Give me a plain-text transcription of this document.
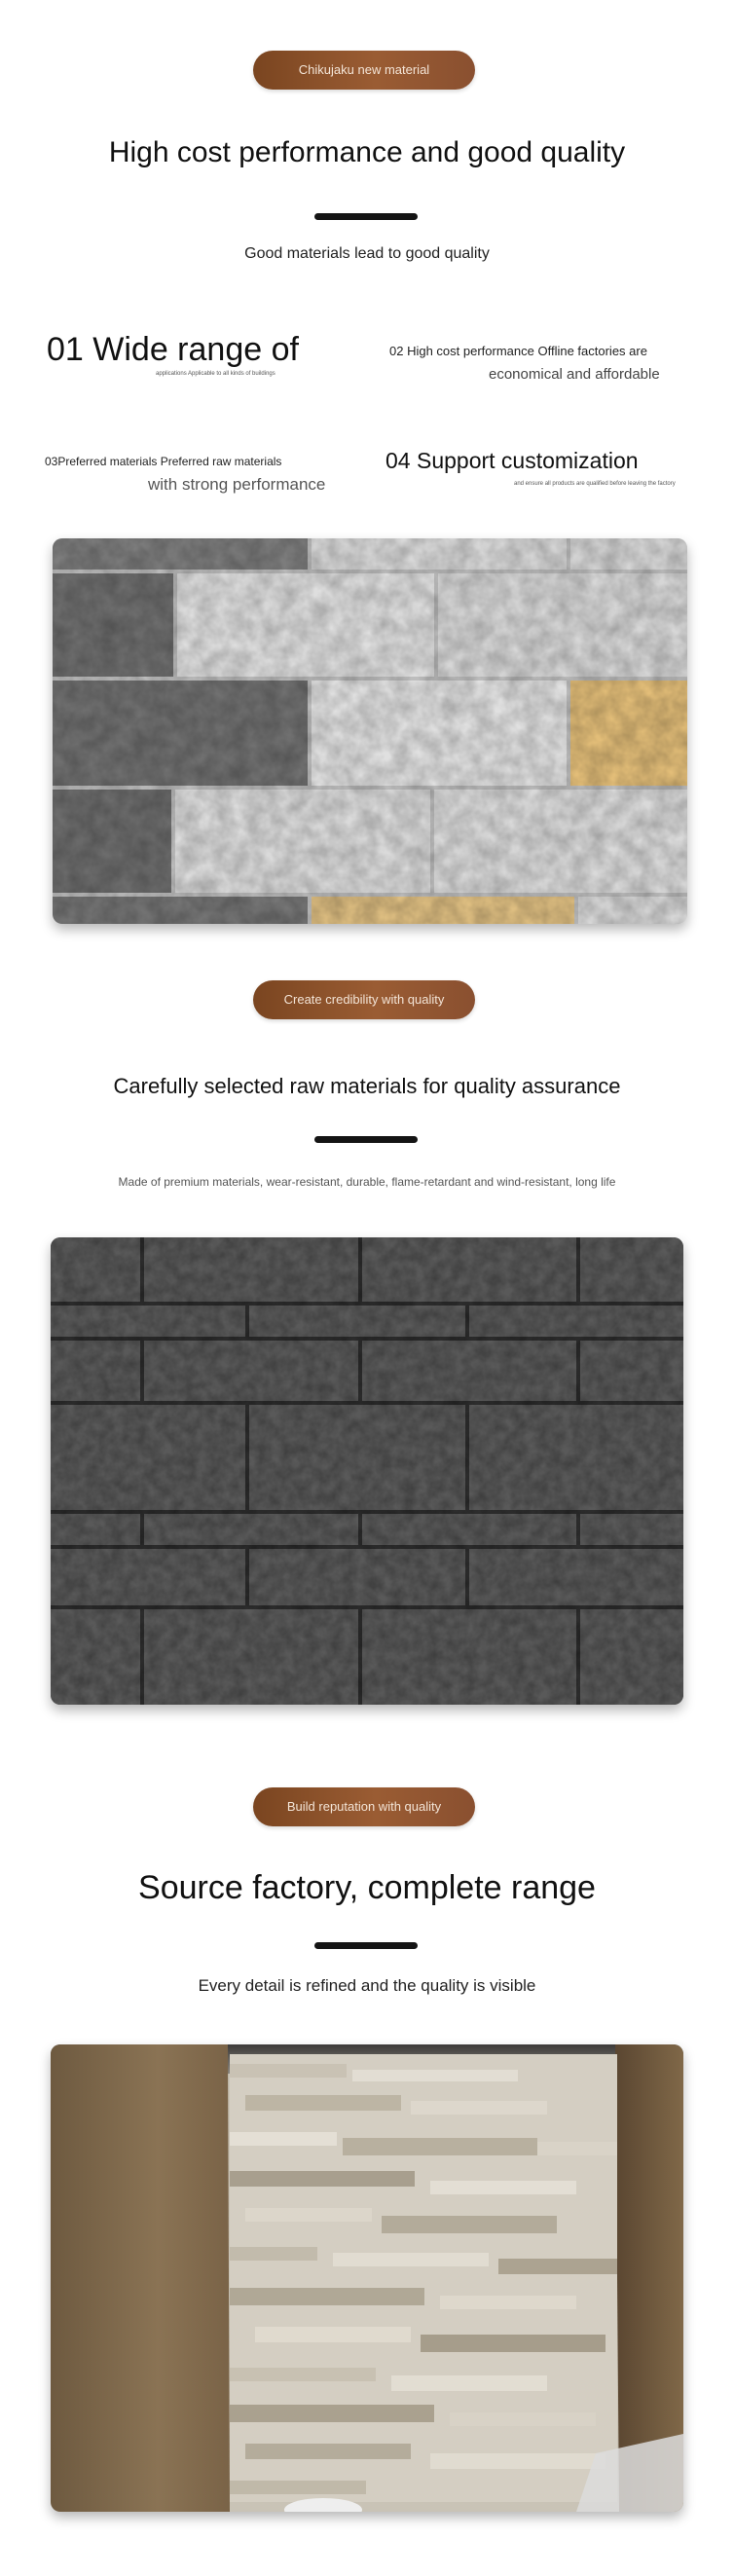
Chikujaku new material
High cost performance and good quality
Good materials lead to good quality
01 Wide range of
applications Applicable to all kinds of buildings
02 High cost performance Offline factories are
economical and affordable
03Preferred materials Preferred raw materials
with strong performance
04 Support customization
and ensure all products are qualified before leaving the factory
Create credibility with quality
Carefully selected raw materials for quality assurance
Made of premium materials, wear-resistant, durable, flame-retardant and wind-resistant, long life
Build reputation with quality
Source factory, complete range
Every detail is refined and the quality is visible
